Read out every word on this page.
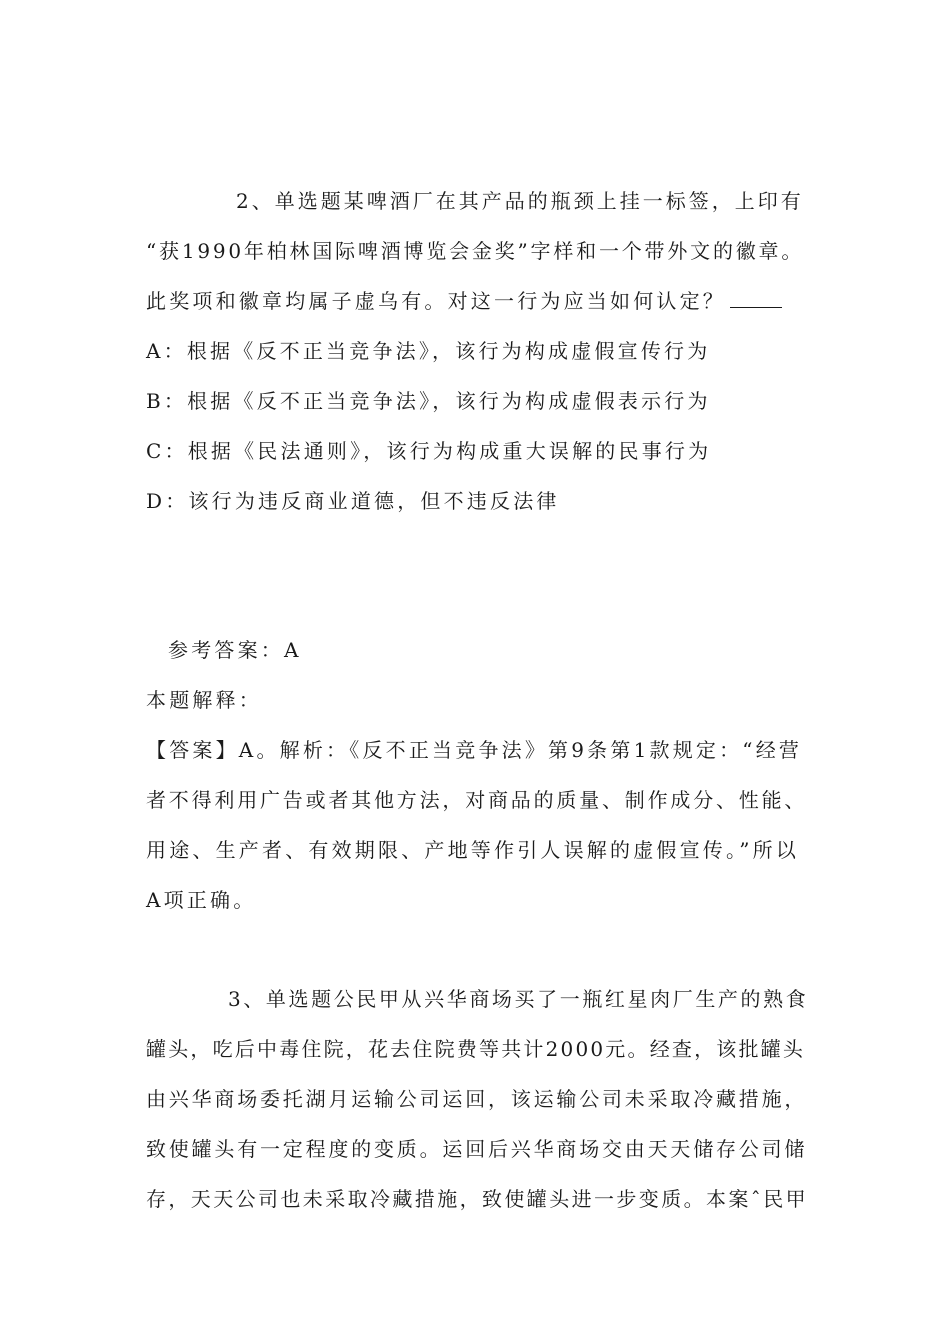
2、单选题某啤酒厂在其产品的瓶颈上挂一标签，上印有
“获1990年柏林国际啤酒博览会金奖”字样和一个带外文的徽章。
此奖项和徽章均属子虚乌有。对这一行为应当如何认定？
A：根据《反不正当竞争法》，该行为构成虚假宣传行为
B：根据《反不正当竞争法》，该行为构成虚假表示行为
C：根据《民法通则》，该行为构成重大误解的民事行为
D：该行为违反商业道德，但不违反法律
参考答案：A
本题解释：
【答案】A。解析：《反不正当竞争法》第9条第1款规定：“经营
者不得利用广告或者其他方法，对商品的质量、制作成分、性能、
用途、生产者、有效期限、产地等作引人误解的虚假宣传。”所以
A项正确。
3、单选题公民甲从兴华商场买了一瓶红星肉厂生产的熟食
罐头，吃后中毒住院，花去住院费等共计2000元。经查，该批罐头
由兴华商场委托湖月运输公司运回，该运输公司未采取冷藏措施，
致使罐头有一定程度的变质。运回后兴华商场交由天天储存公司储
存，天天公司也未采取冷藏措施，致使罐头进一步变质。本案ˆ民甲
